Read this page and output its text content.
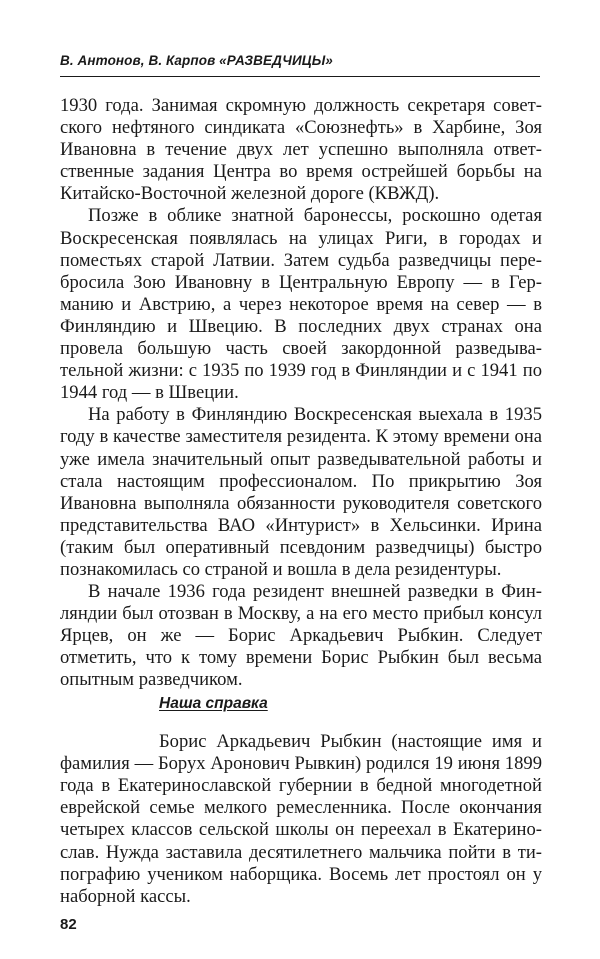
В. Антонов, В. Карпов «РАЗВЕДЧИЦЫ»

1930 года. Занимая скромную должность секретаря советского нефтяного синдиката «Союзнефть» в Харбине, Зоя Ивановна в течение двух лет успешно выполняла ответственные задания Центра во время острейшей борьбы на Китайско-Восточной железной дороге (КВЖД).

Позже в облике знатной баронессы, роскошно одетая Воскресенская появлялась на улицах Риги, в городах и поместьях старой Латвии. Затем судьба разведчицы перебросила Зою Ивановну в Центральную Европу — в Германию и Австрию, а через некоторое время на север — в Финляндию и Швецию. В последних двух странах она провела большую часть своей закордонной разведывательной жизни: с 1935 по 1939 год в Финляндии и с 1941 по 1944 год — в Швеции.

На работу в Финляндию Воскресенская выехала в 1935 году в качестве заместителя резидента. К этому времени она уже имела значительный опыт разведывательной работы и стала настоящим профессионалом. По прикрытию Зоя Ивановна выполняла обязанности руководителя советского представительства ВАО «Интурист» в Хельсинки. Ирина (таким был оперативный псевдоним разведчицы) быстро познакомилась со страной и вошла в дела резидентуры.

В начале 1936 года резидент внешней разведки в Финляндии был отозван в Москву, а на его место прибыл консул Ярцев, он же — Борис Аркадьевич Рыбкин. Следует отметить, что к тому времени Борис Рыбкин был весьма опытным разведчиком.

Наша справка

Борис Аркадьевич Рыбкин (настоящие имя и фамилия — Борух Аронович Рывкин) родился 19 июня 1899 года в Екатеринославской губернии в бедной многодетной еврейской семье мелкого ремесленника. После окончания четырех классов сельской школы он переехал в Екатеринослав. Нужда заставила десятилетнего мальчика пойти в типографию учеником наборщика. Восемь лет простоял он у наборной кассы.

82
